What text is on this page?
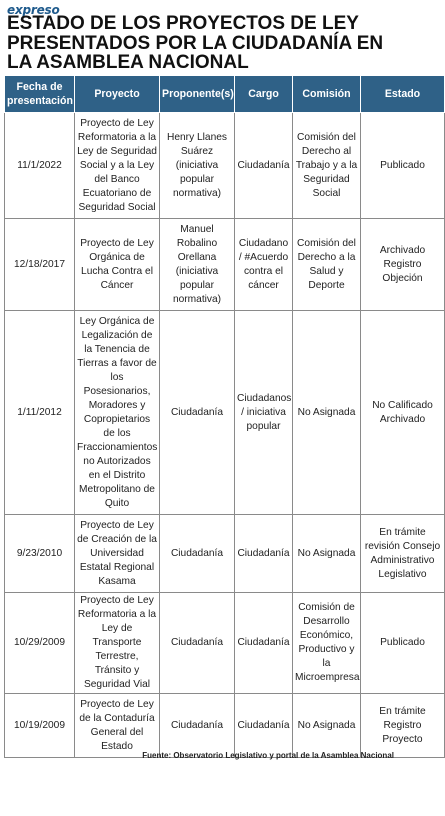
expreso
ESTADO DE LOS PROYECTOS DE LEY PRESENTADOS POR LA CIUDADANÍA EN LA ASAMBLEA NACIONAL
Fecha de presentación	Proyecto	Proponente(s)	Cargo	Comisión	Estado
11/1/2022	Proyecto de Ley Reformatoria a la Ley de Seguridad Social y a la Ley del Banco Ecuatoriano de Seguridad Social	Henry Llanes Suárez (iniciativa popular normativa)	Ciudadanía	Comisión del Derecho al Trabajo y a la Seguridad Social	Publicado
12/18/2017	Proyecto de Ley Orgánica de Lucha Contra el Cáncer	Manuel Robalino Orellana (iniciativa popular normativa)	Ciudadano / #Acuerdo contra el cáncer	Comisión del Derecho a la Salud y Deporte	Archivado Registro Objeción
1/11/2012	Ley Orgánica de Legalización de la Tenencia de Tierras a favor de los Posesionarios, Moradores y Copropietarios de los Fraccionamientos no Autorizados en el Distrito Metropolitano de Quito	Ciudadanía	Ciudadanos / iniciativa popular	No Asignada	No Calificado Archivado
9/23/2010	Proyecto de Ley de Creación de la Universidad Estatal Regional Kasama	Ciudadanía	Ciudadanía	No Asignada	En trámite revisión Consejo Administrativo Legislativo
10/29/2009	Proyecto de Ley Reformatoria a la Ley de Transporte Terrestre, Tránsito y Seguridad Vial	Ciudadanía	Ciudadanía	Comisión de Desarrollo Económico, Productivo y la Microempresa	Publicado
10/19/2009	Proyecto de Ley de la Contaduría General del Estado	Ciudadanía	Ciudadanía	No Asignada	En trámite Registro Proyecto
Fuente: Observatorio Legislativo y portal de la Asamblea Nacional
